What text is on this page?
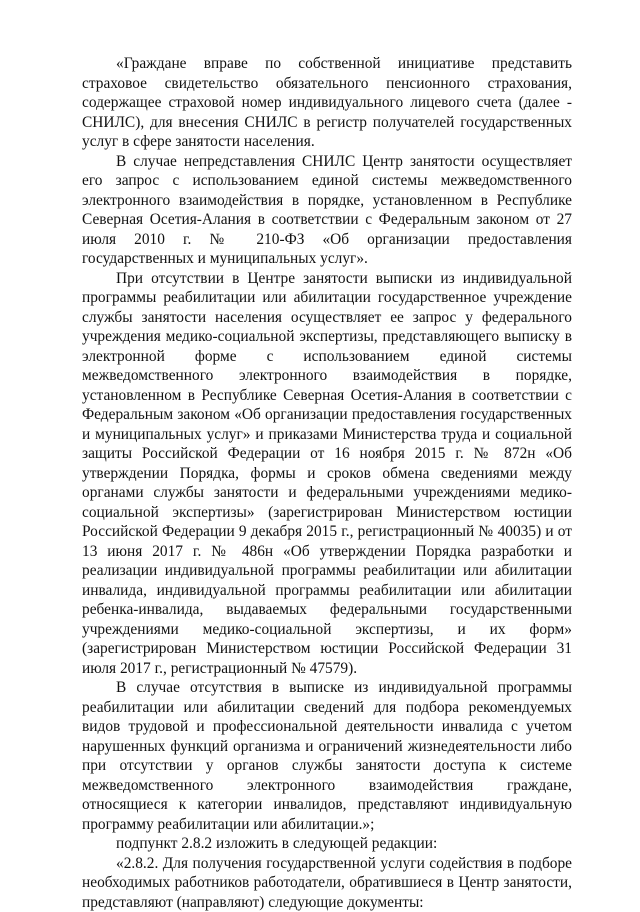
«Граждане вправе по собственной инициативе представить страховое свидетельство обязательного пенсионного страхования, содержащее страховой номер индивидуального лицевого счета (далее - СНИЛС), для внесения СНИЛС в регистр получателей государственных услуг в сфере занятости населения.

В случае непредставления СНИЛС Центр занятости осуществляет его запрос с использованием единой системы межведомственного электронного взаимодействия в порядке, установленном в Республике Северная Осетия-Алания в соответствии с Федеральным законом от 27 июля 2010 г. № 210-ФЗ «Об организации предоставления государственных и муниципальных услуг».

При отсутствии в Центре занятости выписки из индивидуальной программы реабилитации или абилитации государственное учреждение службы занятости населения осуществляет ее запрос у федерального учреждения медико-социальной экспертизы, представляющего выписку в электронной форме с использованием единой системы межведомственного электронного взаимодействия в порядке, установленном в Республике Северная Осетия-Алания в соответствии с Федеральным законом «Об организации предоставления государственных и муниципальных услуг» и приказами Министерства труда и социальной защиты Российской Федерации от 16 ноября 2015 г. № 872н «Об утверждении Порядка, формы и сроков обмена сведениями между органами службы занятости и федеральными учреждениями медико-социальной экспертизы» (зарегистрирован Министерством юстиции Российской Федерации 9 декабря 2015 г., регистрационный № 40035) и от 13 июня 2017 г. № 486н «Об утверждении Порядка разработки и реализации индивидуальной программы реабилитации или абилитации инвалида, индивидуальной программы реабилитации или абилитации ребенка-инвалида, выдаваемых федеральными государственными учреждениями медико-социальной экспертизы, и их форм» (зарегистрирован Министерством юстиции Российской Федерации 31 июля 2017 г., регистрационный № 47579).

В случае отсутствия в выписке из индивидуальной программы реабилитации или абилитации сведений для подбора рекомендуемых видов трудовой и профессиональной деятельности инвалида с учетом нарушенных функций организма и ограничений жизнедеятельности либо при отсутствии у органов службы занятости доступа к системе межведомственного электронного взаимодействия граждане, относящиеся к категории инвалидов, представляют индивидуальную программу реабилитации или абилитации.»;

подпункт 2.8.2 изложить в следующей редакции:

«2.8.2. Для получения государственной услуги содействия в подборе необходимых работников работодатели, обратившиеся в Центр занятости, представляют (направляют) следующие документы:
